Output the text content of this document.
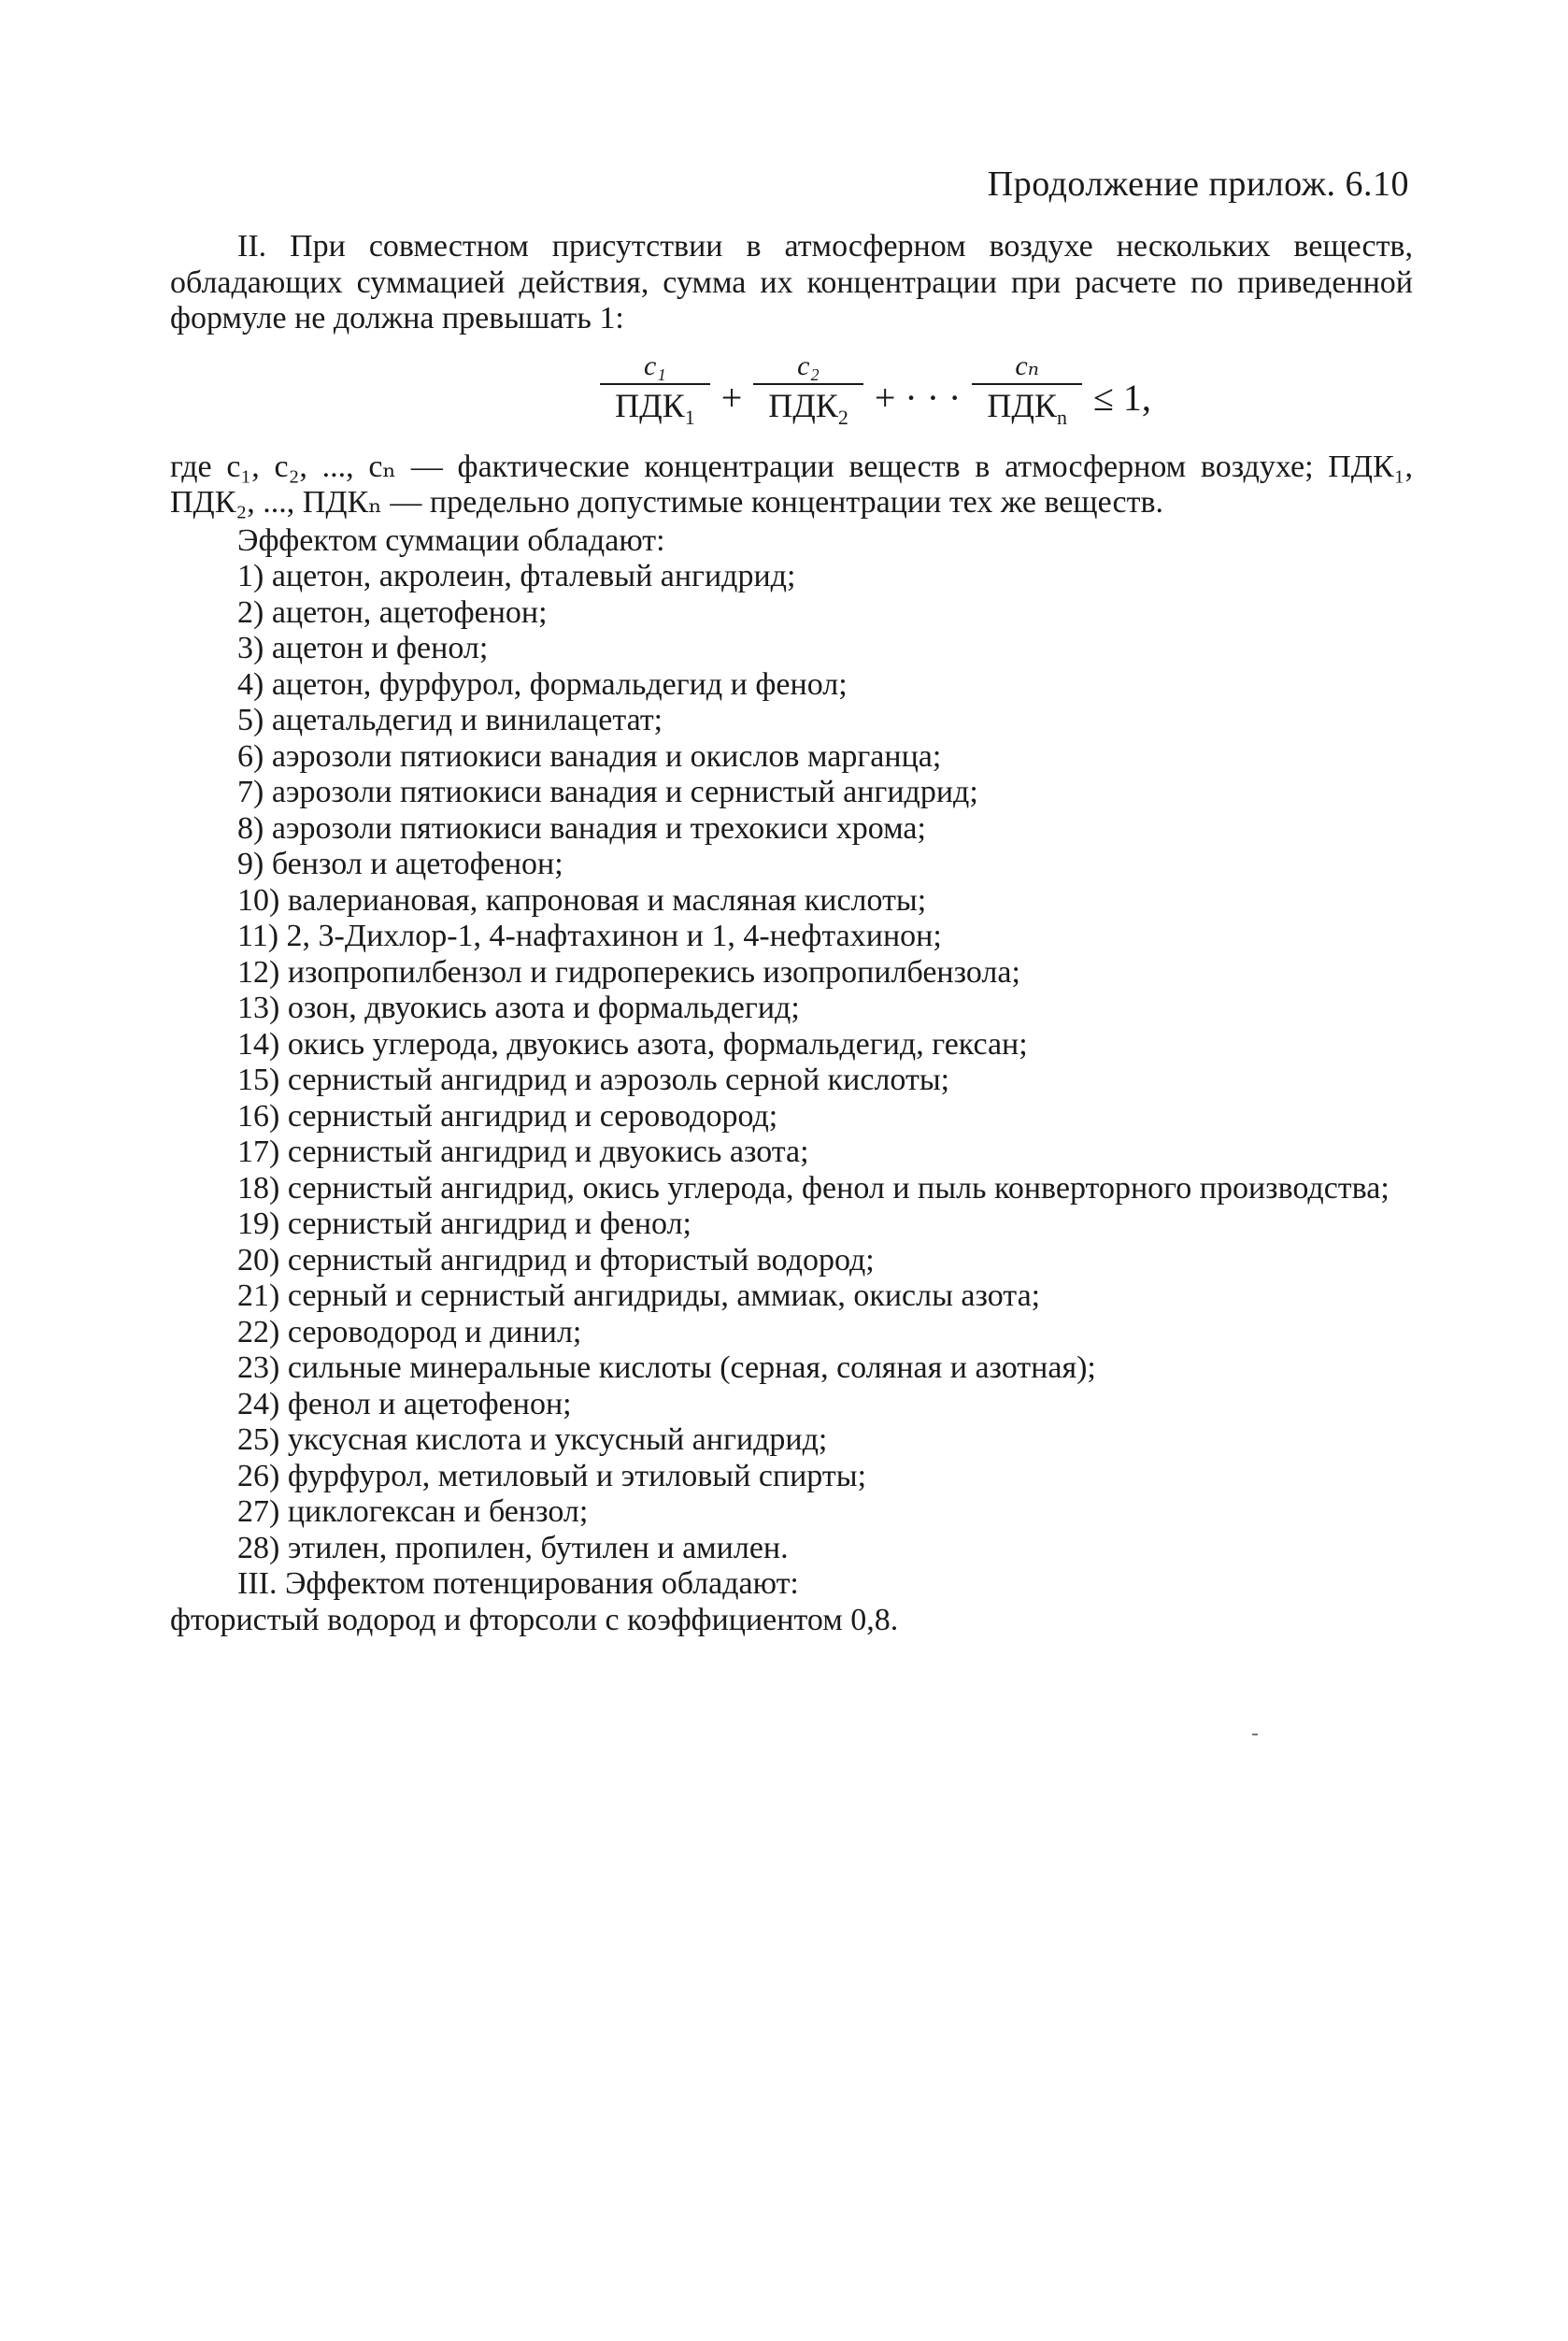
Продолжение прилож. 6.10

II. При совместном присутствии в атмосферном воздухе нескольких веществ, обладающих суммацией действия, сумма их концентрации при расчете по приведенной формуле не должна превышать 1:

$\frac{\text{c₁}}{ПДК_1} + \frac{\text{c₂}}{ПДК_2}$ + · · · $\frac{\text{cₙ}}{ПДК_n} \le 1$,

где c₁, c₂, ..., cₙ — фактические концентрации веществ в атмосферном воздухе; ПДК₁, ПДК₂, ..., ПДКₙ — предельно допустимые концентрации тех же веществ.

Эффектом суммации обладают:

1) ацетон, акролеин, фталевый ангидрид;
2) ацетон, ацетофенон;
3) ацетон и фенол;
4) ацетон, фурфурол, формальдегид и фенол;
5) ацетальдегид и винилацетат;
6) аэрозоли пятиокиси ванадия и окислов марганца;
7) аэрозоли пятиокиси ванадия и сернистый ангидрид;
8) аэрозоли пятиокиси ванадия и трехокиси хрома;
9) бензол и ацетофенон;
10) валериановая, капроновая и масляная кислоты;
11) 2, 3-Дихлор-1, 4-нафтахинон и 1, 4-нефтахинон;
12) изопропилбензол и гидроперекись изопропилбензола;
13) озон, двуокись азота и формальдегид;
14) окись углерода, двуокись азота, формальдегид, гексан;
15) сернистый ангидрид и аэрозоль серной кислоты;
16) сернистый ангидрид и сероводород;
17) сернистый ангидрид и двуокись азота;
18) сернистый ангидрид, окись углерода, фенол и пыль конверторного производства;
19) сернистый ангидрид и фенол;
20) сернистый ангидрид и фтористый водород;
21) серный и сернистый ангидриды, аммиак, окислы азота;
22) сероводород и динил;
23) сильные минеральные кислоты (серная, соляная и азотная);
24) фенол и ацетофенон;
25) уксусная кислота и уксусный ангидрид;
26) фурфурол, метиловый и этиловый спирты;
27) циклогексан и бензол;
28) этилен, пропилен, бутилен и амилен.

III. Эффектом потенцирования обладают:

фтористый водород и фторсоли с коэффициентом 0,8.
